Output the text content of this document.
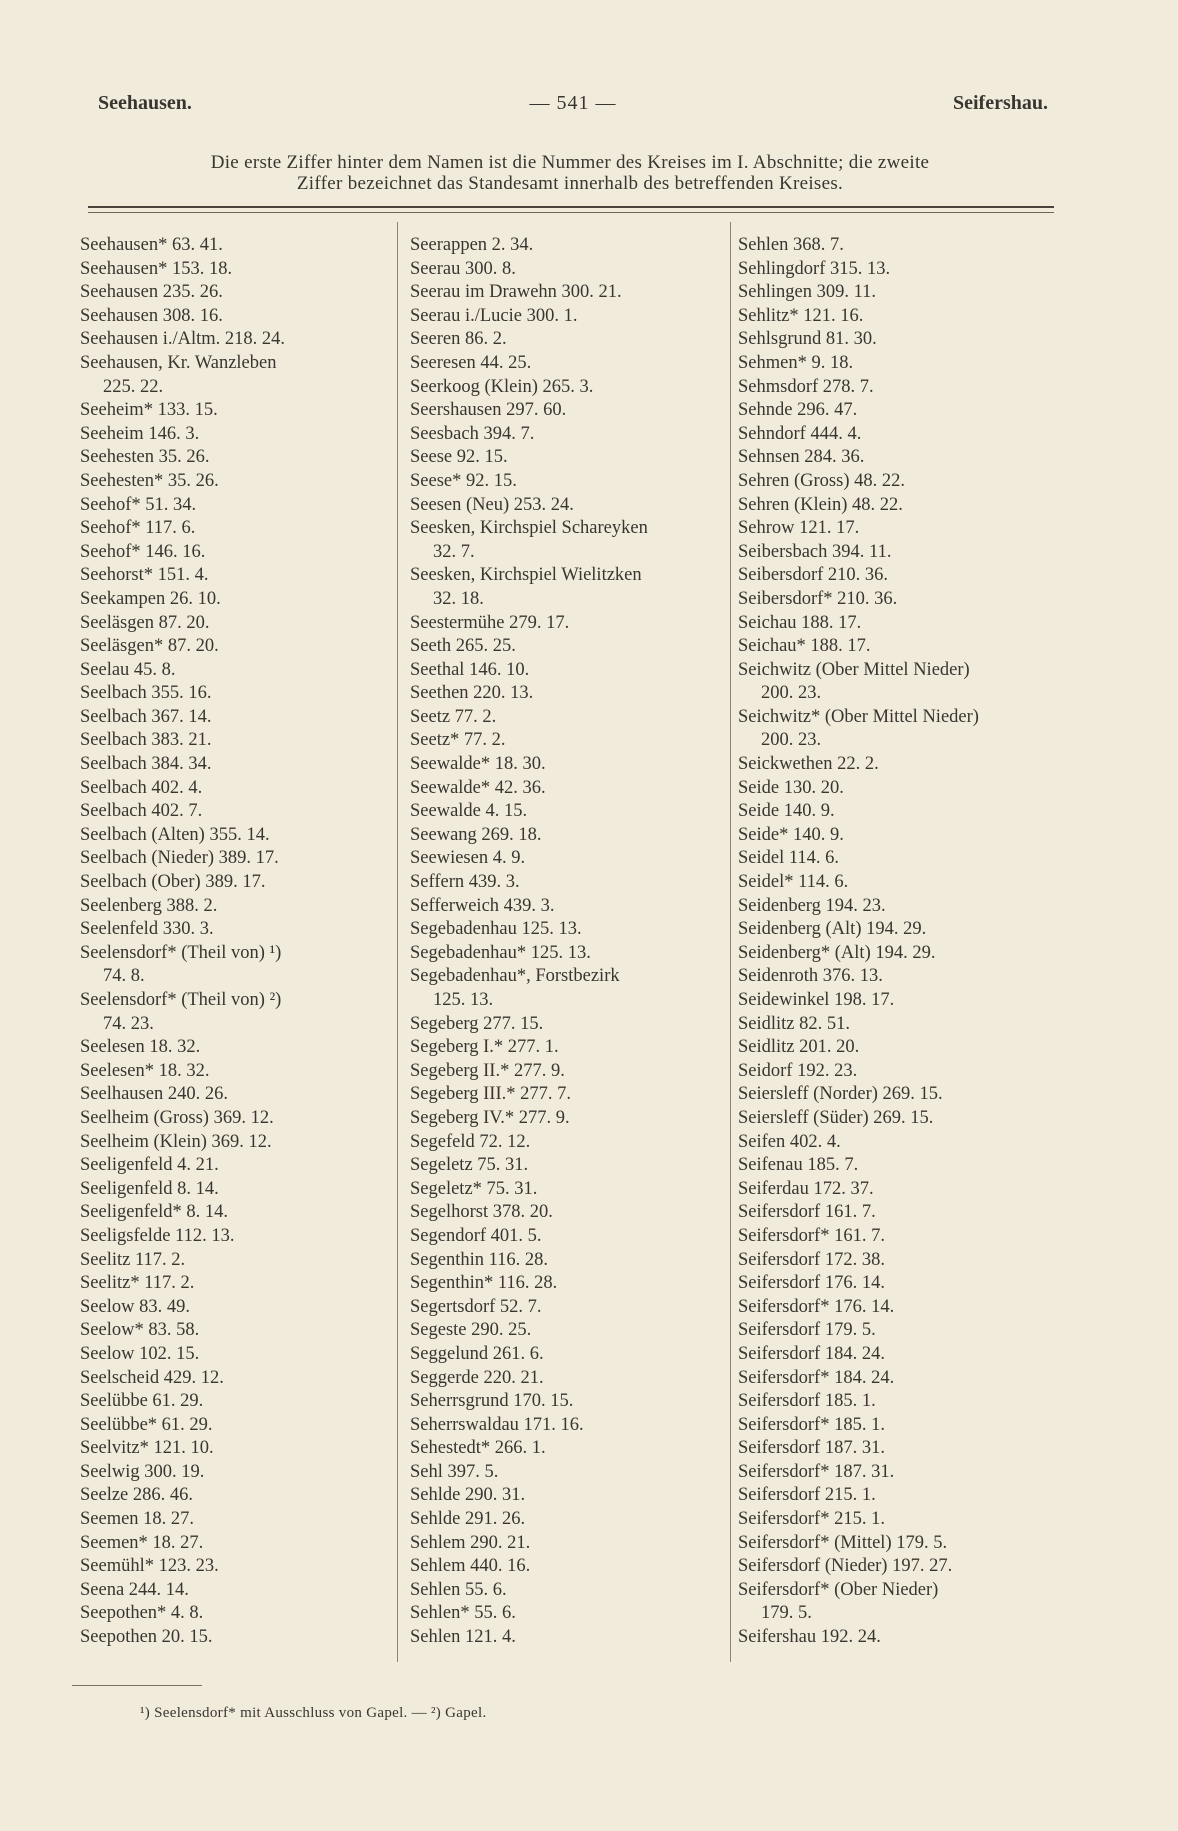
— 541 —
Seehausen.	Seifershau.
Die erste Ziffer hinter dem Namen ist die Nummer des Kreises im I. Abschnitte; die zweite
Ziffer bezeichnet das Standesamt innerhalb des betreffenden Kreises.
Seehausen* 63. 41.
Seehausen* 153. 18.
Seehausen 235. 26.
Seehausen 308. 16.
Seehausen i./Altm. 218. 24.
Seehausen, Kr. Wanzleben
225. 22.
Seeheim* 133. 15.
Seeheim 146. 3.
Seehesten 35. 26.
Seehesten* 35. 26.
Seehof* 51. 34.
Seehof* 117. 6.
Seehof* 146. 16.
Seehorst* 151. 4.
Seekampen 26. 10.
Seeläsgen 87. 20.
Seeläsgen* 87. 20.
Seelau 45. 8.
Seelbach 355. 16.
Seelbach 367. 14.
Seelbach 383. 21.
Seelbach 384. 34.
Seelbach 402. 4.
Seelbach 402. 7.
Seelbach (Alten) 355. 14.
Seelbach (Nieder) 389. 17.
Seelbach (Ober) 389. 17.
Seelenberg 388. 2.
Seelenfeld 330. 3.
Seelensdorf* (Theil von) ¹)
74. 8.
Seelensdorf* (Theil von) ²)
74. 23.
Seelesen 18. 32.
Seelesen* 18. 32.
Seelhausen 240. 26.
Seelheim (Gross) 369. 12.
Seelheim (Klein) 369. 12.
Seeligenfeld 4. 21.
Seeligenfeld 8. 14.
Seeligenfeld* 8. 14.
Seeligsfelde 112. 13.
Seelitz 117. 2.
Seelitz* 117. 2.
Seelow 83. 49.
Seelow* 83. 58.
Seelow 102. 15.
Seelscheid 429. 12.
Seelübbe 61. 29.
Seelübbe* 61. 29.
Seelvitz* 121. 10.
Seelwig 300. 19.
Seelze 286. 46.
Seemen 18. 27.
Seemen* 18. 27.
Seemühl* 123. 23.
Seena 244. 14.
Seepothen* 4. 8.
Seepothen 20. 15.
Seerappen 2. 34.
Seerau 300. 8.
Seerau im Drawehn 300. 21.
Seerau i./Lucie 300. 1.
Seeren 86. 2.
Seeresen 44. 25.
Seerkoog (Klein) 265. 3.
Seershausen 297. 60.
Seesbach 394. 7.
Seese 92. 15.
Seese* 92. 15.
Seesen (Neu) 253. 24.
Seesken, Kirchspiel Schareyken
32. 7.
Seesken, Kirchspiel Wielitzken
32. 18.
Seestermühe 279. 17.
Seeth 265. 25.
Seethal 146. 10.
Seethen 220. 13.
Seetz 77. 2.
Seetz* 77. 2.
Seewalde* 18. 30.
Seewalde* 42. 36.
Seewalde 4. 15.
Seewang 269. 18.
Seewiesen 4. 9.
Seffern 439. 3.
Sefferweich 439. 3.
Segebadenhau 125. 13.
Segebadenhau* 125. 13.
Segebadenhau*, Forstbezirk
125. 13.
Segeberg 277. 15.
Segeberg I.* 277. 1.
Segeberg II.* 277. 9.
Segeberg III.* 277. 7.
Segeberg IV.* 277. 9.
Segefeld 72. 12.
Segeletz 75. 31.
Segeletz* 75. 31.
Segelhorst 378. 20.
Segendorf 401. 5.
Segenthin 116. 28.
Segenthin* 116. 28.
Segertsdorf 52. 7.
Segeste 290. 25.
Seggelund 261. 6.
Seggerde 220. 21.
Seherrsgrund 170. 15.
Seherrswaldau 171. 16.
Sehestedt* 266. 1.
Sehl 397. 5.
Sehlde 290. 31.
Sehlde 291. 26.
Sehlem 290. 21.
Sehlem 440. 16.
Sehlen 55. 6.
Sehlen* 55. 6.
Sehlen 121. 4.
Sehlen 368. 7.
Sehlingdorf 315. 13.
Sehlingen 309. 11.
Sehlitz* 121. 16.
Sehlsgrund 81. 30.
Sehmen* 9. 18.
Sehmsdorf 278. 7.
Sehnde 296. 47.
Sehndorf 444. 4.
Sehnsen 284. 36.
Sehren (Gross) 48. 22.
Sehren (Klein) 48. 22.
Sehrow 121. 17.
Seibersbach 394. 11.
Seibersdorf 210. 36.
Seibersdorf* 210. 36.
Seichau 188. 17.
Seichau* 188. 17.
Seichwitz (Ober Mittel Nieder)
200. 23.
Seichwitz* (Ober Mittel Nieder)
200. 23.
Seickwethen 22. 2.
Seide 130. 20.
Seide 140. 9.
Seide* 140. 9.
Seidel 114. 6.
Seidel* 114. 6.
Seidenberg 194. 23.
Seidenberg (Alt) 194. 29.
Seidenberg* (Alt) 194. 29.
Seidenroth 376. 13.
Seidewinkel 198. 17.
Seidlitz 82. 51.
Seidlitz 201. 20.
Seidorf 192. 23.
Seiersleff (Norder) 269. 15.
Seiersleff (Süder) 269. 15.
Seifen 402. 4.
Seifenau 185. 7.
Seiferdau 172. 37.
Seifersdorf 161. 7.
Seifersdorf* 161. 7.
Seifersdorf 172. 38.
Seifersdorf 176. 14.
Seifersdorf* 176. 14.
Seifersdorf 179. 5.
Seifersdorf 184. 24.
Seifersdorf* 184. 24.
Seifersdorf 185. 1.
Seifersdorf* 185. 1.
Seifersdorf 187. 31.
Seifersdorf* 187. 31.
Seifersdorf 215. 1.
Seifersdorf* 215. 1.
Seifersdorf* (Mittel) 179. 5.
Seifersdorf (Nieder) 197. 27.
Seifersdorf* (Ober Nieder)
179. 5.
Seifershau 192. 24.
¹) Seelensdorf* mit Ausschluss von Gapel. — ²) Gapel.
